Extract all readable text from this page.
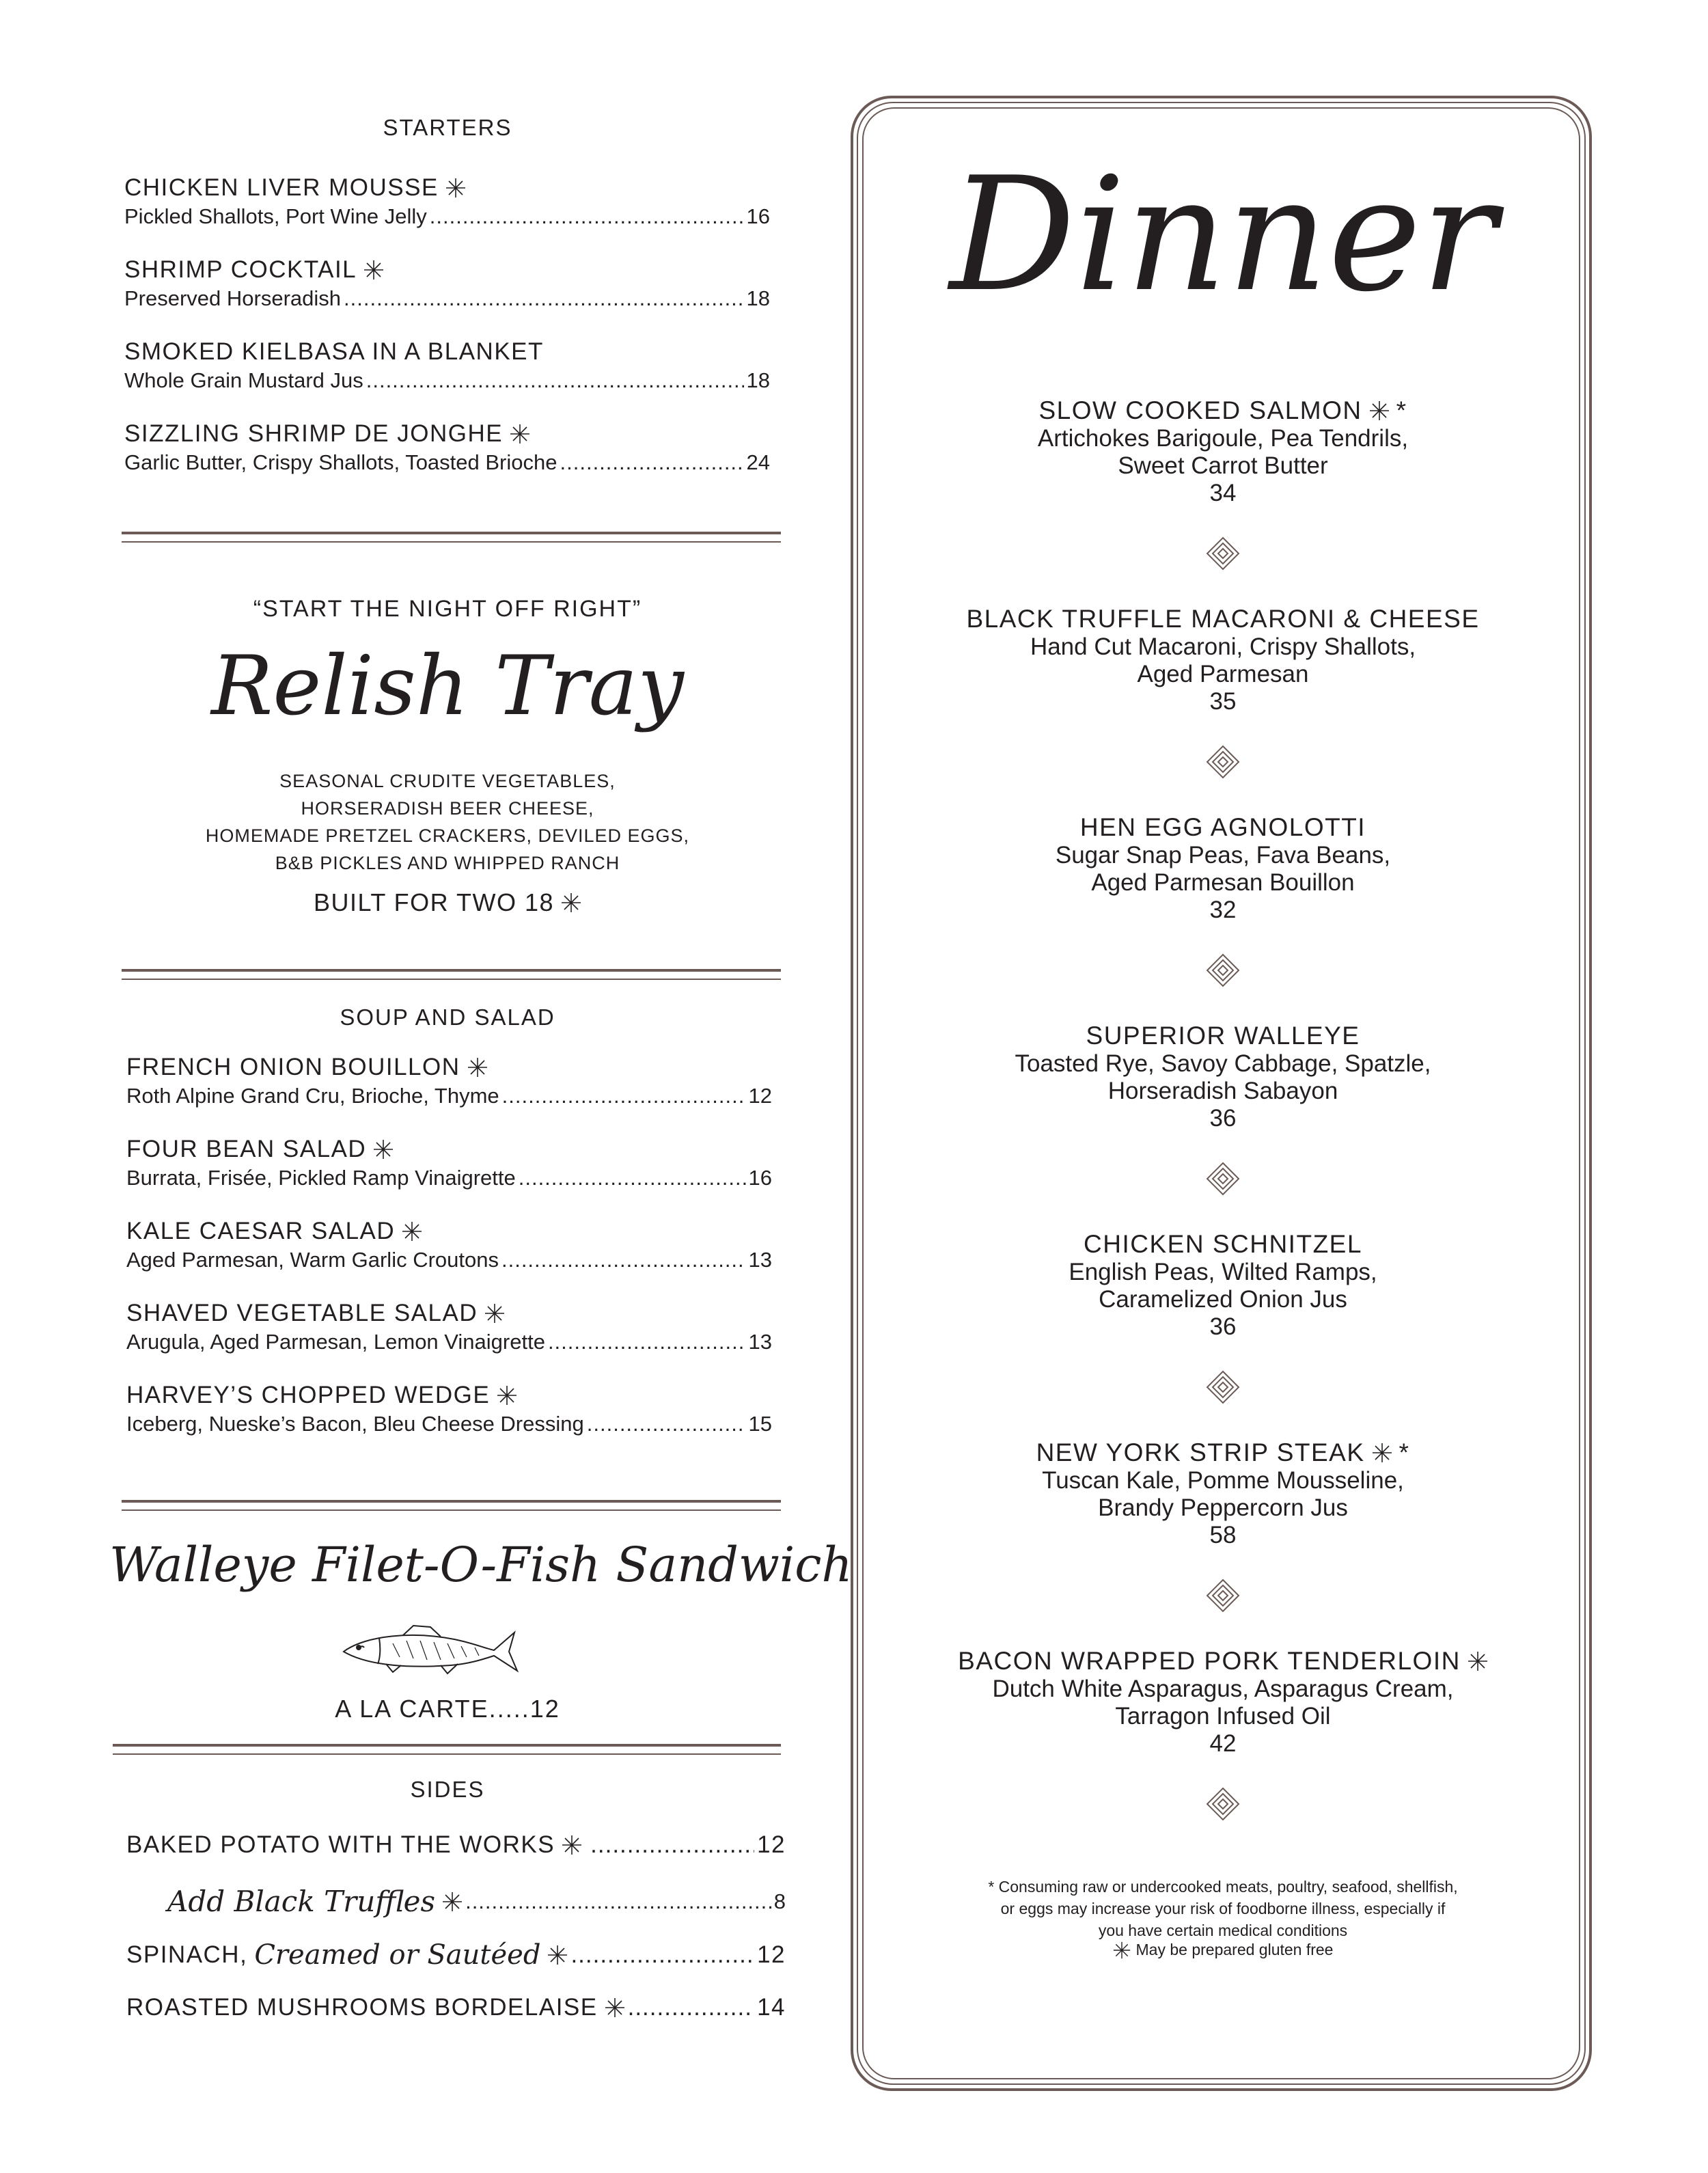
STARTERS
CHICKEN LIVER MOUSSE
Pickled Shallots, Port Wine Jelly .....	16
SHRIMP COCKTAIL
Preserved Horseradish .....	18
SMOKED KIELBASA IN A BLANKET
Whole Grain Mustard Jus .....	18
SIZZLING SHRIMP DE JONGHE
Garlic Butter, Crispy Shallots, Toasted Brioche .....	24
“START THE NIGHT OFF RIGHT”
Relish Tray
SEASONAL CRUDITE VEGETABLES,
HORSERADISH BEER CHEESE,
HOMEMADE PRETZEL CRACKERS, DEVILED EGGS,
B&B PICKLES AND WHIPPED RANCH
BUILT FOR TWO 18
SOUP AND SALAD
FRENCH ONION BOUILLON
Roth Alpine Grand Cru, Brioche, Thyme .....	12
FOUR BEAN SALAD
Burrata, Frisée, Pickled Ramp Vinaigrette .....	16
KALE CAESAR SALAD
Aged Parmesan, Warm Garlic Croutons .....	13
SHAVED VEGETABLE SALAD
Arugula, Aged Parmesan, Lemon Vinaigrette .....	13
HARVEY’S CHOPPED WEDGE
Iceberg, Nueske’s Bacon, Bleu Cheese Dressing .....	15
Walleye Filet-O-Fish Sandwich
A LA CARTE.....12
SIDES
BAKED POTATO WITH THE WORKS .....	12
Add Black Truffles .....	8
SPINACH, Creamed or Sautéed .....	12
ROASTED MUSHROOMS BORDELAISE .....	14
Dinner
SLOW COOKED SALMON *
Artichokes Barigoule, Pea Tendrils,
Sweet Carrot Butter
34
BLACK TRUFFLE MACARONI & CHEESE
Hand Cut Macaroni, Crispy Shallots,
Aged Parmesan
35
HEN EGG AGNOLOTTI
Sugar Snap Peas, Fava Beans,
Aged Parmesan Bouillon
32
SUPERIOR WALLEYE
Toasted Rye, Savoy Cabbage, Spatzle,
Horseradish Sabayon
36
CHICKEN SCHNITZEL
English Peas, Wilted Ramps,
Caramelized Onion Jus
36
NEW YORK STRIP STEAK *
Tuscan Kale, Pomme Mousseline,
Brandy Peppercorn Jus
58
BACON WRAPPED PORK TENDERLOIN
Dutch White Asparagus, Asparagus Cream,
Tarragon Infused Oil
42
* Consuming raw or undercooked meats, poultry, seafood, shellfish,
or eggs may increase your risk of foodborne illness, especially if
you have certain medical conditions
May be prepared gluten free
